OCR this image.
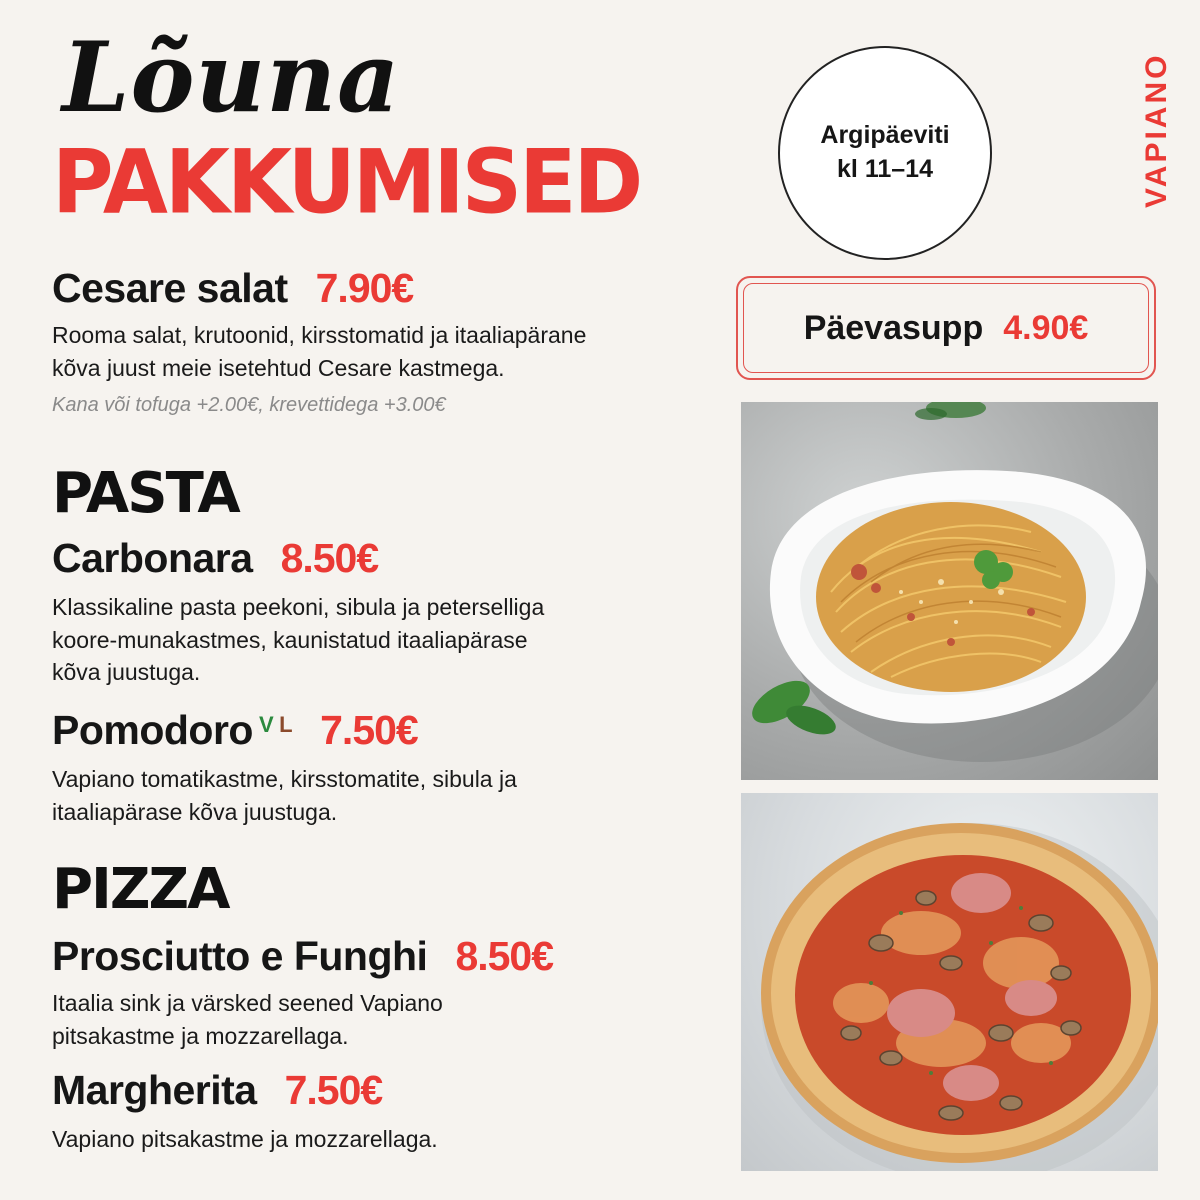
Lõuna
PAKKUMISED	Argipäeviti
kl 11–14	VAPIANO
Cesare salat 7.90€
Rooma salat, krutoonid, kirsstomatid ja itaaliapärane
kõva juust meie isetehtud Cesare kastmega.
Kana või tofuga +2.00€, krevettidega +3.00€
Päevasupp 4.90€
PASTA
Carbonara 8.50€
Klassikaline pasta peekoni, sibula ja peterselliga
koore-munakastmes, kaunistatud itaaliapärase
kõva juustuga.
Pomodoro $^V$ $^L$ 7.50€
Vapiano tomatikastme, kirsstomatite, sibula ja
itaaliapärase kõva juustuga.
PIZZA
Prosciutto e Funghi 8.50€
Itaalia sink ja värsked seened Vapiano
pitsakastme ja mozzarellaga.
Margherita 7.50€
Vapiano pitsakastme ja mozzarellaga.
